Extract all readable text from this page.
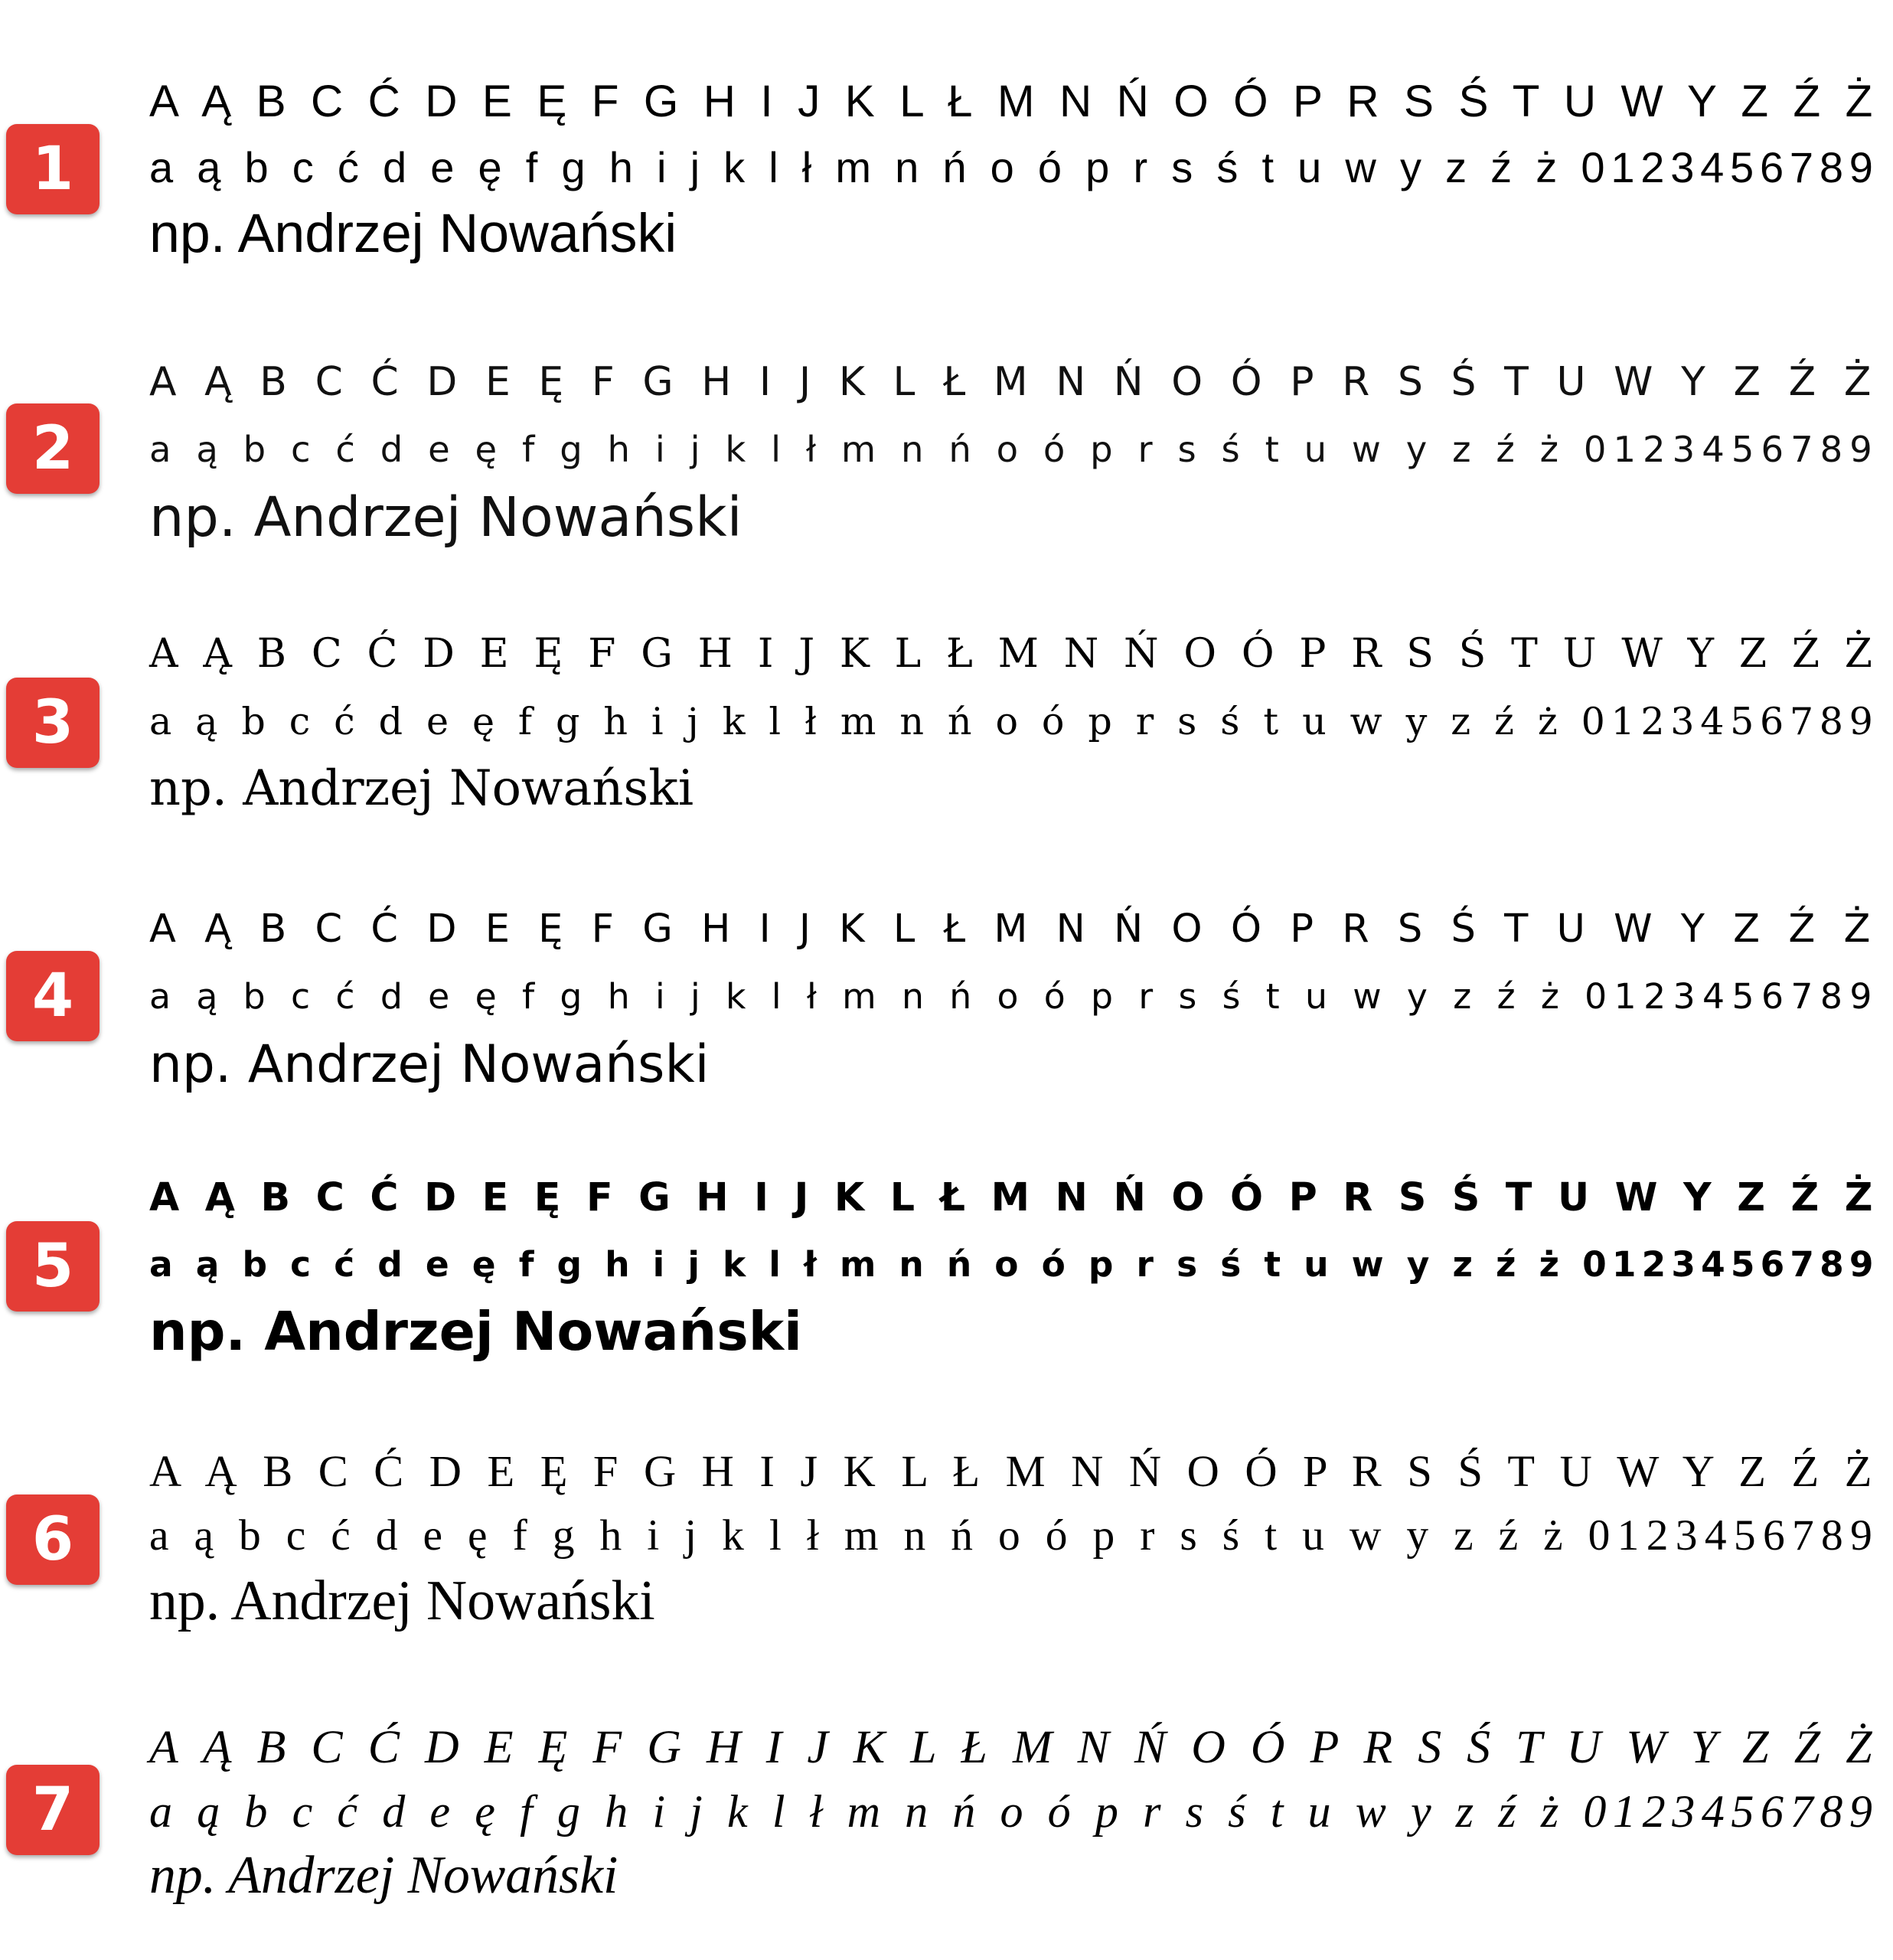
1
A Ą B C Ć D E Ę F G H I J K L Ł M N Ń O Ó P R S Ś T U W Y Z Ź Ż
a ą b c ć d e ę f g h i j k l ł m n ń o ó p r s ś t u w y z ź ż 0123456789
np. Andrzej Nowański
2
A Ą B C Ć D E Ę F G H I J K L Ł M N Ń O Ó P R S Ś T U W Y Z Ź Ż
a ą b c ć d e ę f g h i j k l ł m n ń o ó p r s ś t u w y z ź ż 0123456789
np. Andrzej Nowański
3
A Ą B C Ć D E Ę F G H I J K L Ł M N Ń O Ó P R S Ś T U W Y Z Ź Ż
a ą b c ć d e ę f g h i j k l ł m n ń o ó p r s ś t u w y z ź ż 0123456789
np. Andrzej Nowański
4
A Ą B C Ć D E Ę F G H I J K L Ł M N Ń O Ó P R S Ś T U W Y Z Ź Ż
a ą b c ć d e ę f g h i j k l ł m n ń o ó p r s ś t u w y z ź ż 0123456789
np. Andrzej Nowański
5
A Ą B C Ć D E Ę F G H I J K L Ł M N Ń O Ó P R S Ś T U W Y Z Ź Ż
a ą b c ć d e ę f g h i j k l ł m n ń o ó p r s ś t u w y z ź ż 0123456789
np. Andrzej Nowański
6
A Ą B C Ć D E Ę F G H I J K L Ł M N Ń O Ó P R S Ś T U W Y Z Ź Ż
a ą b c ć d e ę f g h i j k l ł m n ń o ó p r s ś t u w y z ź ż 0123456789
np. Andrzej Nowański
7
A Ą B C Ć D E Ę F G H I J K L Ł M N Ń O Ó P R S Ś T U W Y Z Ź Ż
a ą b c ć d e ę f g h i j k l ł m n ń o ó p r s ś t u w y z ź ż 0123456789
np. Andrzej Nowański
